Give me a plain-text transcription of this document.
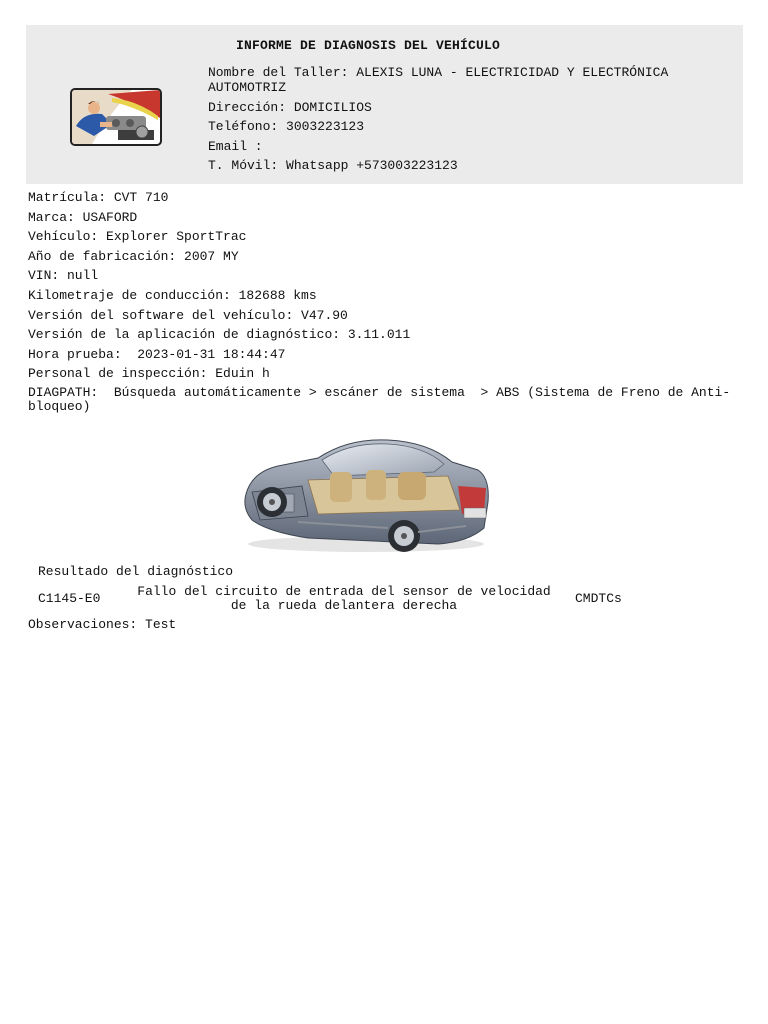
INFORME DE DIAGNOSIS DEL VEHÍCULO
Nombre del Taller: ALEXIS LUNA - ELECTRICIDAD Y ELECTRÓNICA AUTOMOTRIZ
Dirección: DOMICILIOS
Teléfono: 3003223123
Email :
T. Móvil: Whatsapp +573003223123
Matrícula: CVT 710
Marca: USAFORD
Vehículo: Explorer SportTrac
Año de fabricación: 2007 MY
VIN: null
Kilometraje de conducción: 182688 kms
Versión del software del vehículo: V47.90
Versión de la aplicación de diagnóstico: 3.11.011
Hora prueba:  2023-01-31 18:44:47
Personal de inspección: Eduin h
DIAGPATH:  Búsqueda automáticamente > escáner de sistema  > ABS (Sistema de Freno de Anti-bloqueo)
Resultado del diagnóstico
C1145-E0	Fallo del circuito de entrada del sensor de velocidad de la rueda delantera derecha	CMDTCs
Observaciones: Test
